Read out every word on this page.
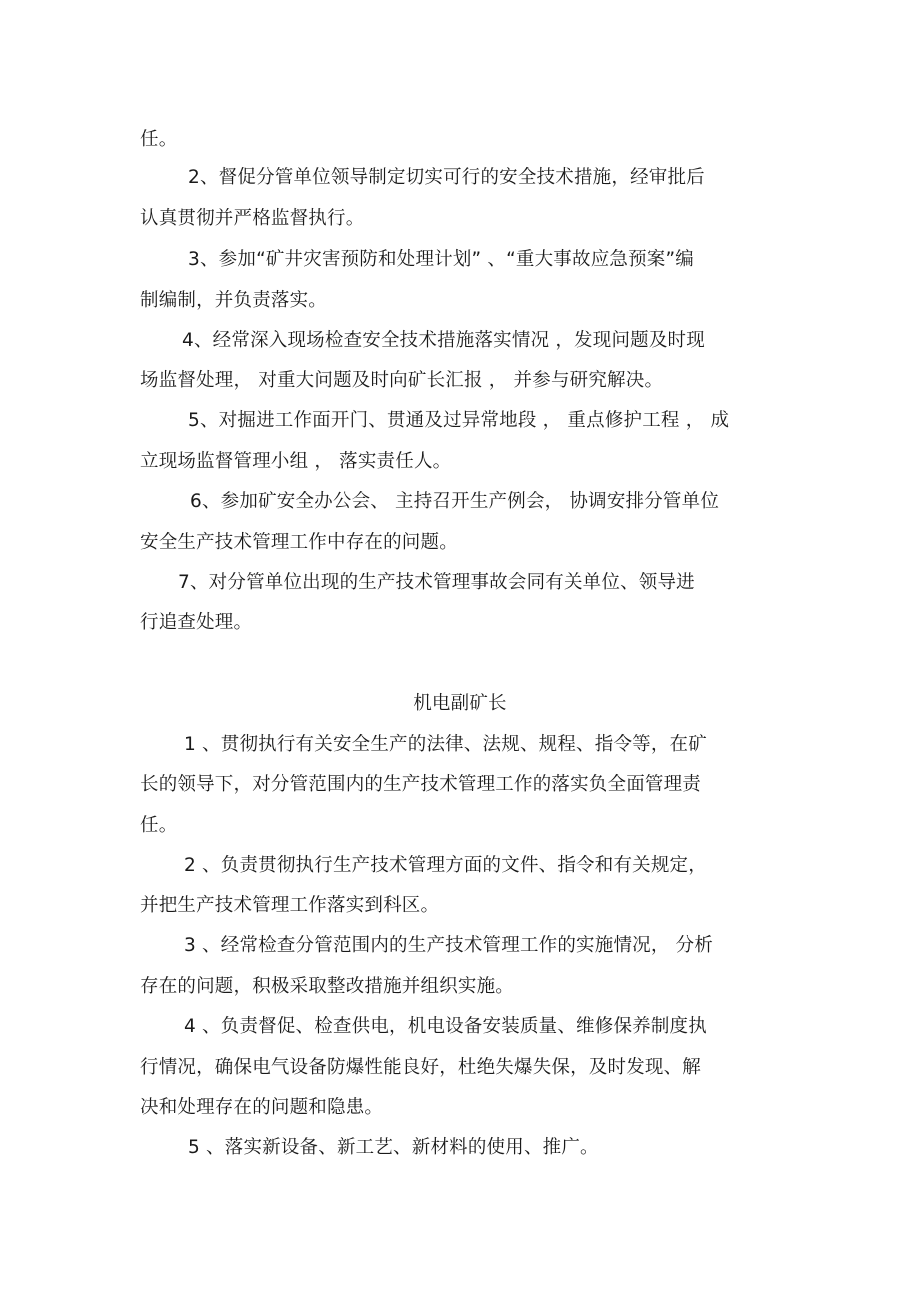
任。

2、督促分管单位领导制定切实可行的安全技术措施，经审批后

认真贯彻并严格监督执行。

3、参加“矿井灾害预防和处理计划” 、“重大事故应急预案”编

制编制，并负责落实。

4、经常深入现场检查安全技术措施落实情况 ，发现问题及时现

场监督处理， 对重大问题及时向矿长汇报 ， 并参与研究解决。

5、对掘进工作面开门、贯通及过异常地段 ， 重点修护工程 ， 成

立现场监督管理小组 ， 落实责任人。

6、参加矿安全办公会、 主持召开生产例会， 协调安排分管单位

安全生产技术管理工作中存在的问题。

7、对分管单位出现的生产技术管理事故会同有关单位、领导进

行追查处理。

机电副矿长

1 、贯彻执行有关安全生产的法律、法规、规程、指令等，在矿

长的领导下，对分管范围内的生产技术管理工作的落实负全面管理责

任。

2 、负责贯彻执行生产技术管理方面的文件、指令和有关规定，

并把生产技术管理工作落实到科区。

3 、经常检查分管范围内的生产技术管理工作的实施情况， 分析

存在的问题，积极采取整改措施并组织实施。

4 、负责督促、检查供电，机电设备安装质量、维修保养制度执

行情况，确保电气设备防爆性能良好，杜绝失爆失保，及时发现、解

决和处理存在的问题和隐患。

5 、落实新设备、新工艺、新材料的使用、推广。
